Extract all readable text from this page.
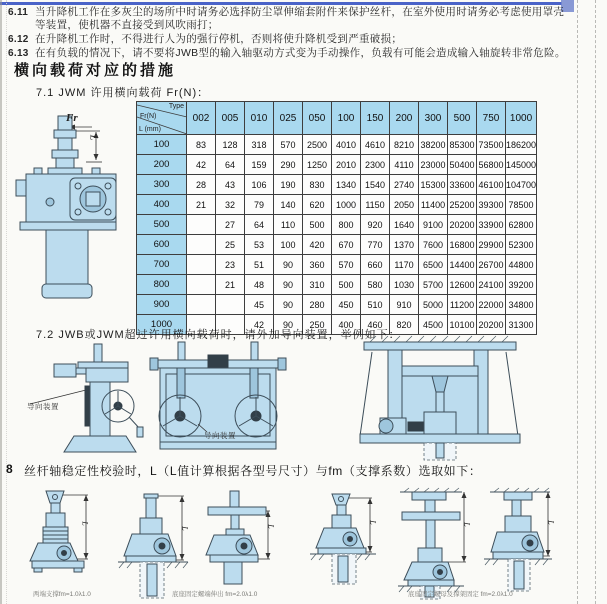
6.11 当升降机工作在多灰尘的场所中时请务必选择防尘罩伸缩套附件来保护丝杆，在室外使用时请务必考虑使用罩壳等装置，使机器不直接受到风吹雨打；
6.12 在升降机工作时，不得进行人为的强行停机，否则将使升降机受到严重破损；
6.13 在有负载的情况下，请不要将JWB型的输入轴驱动方式变为手动操作，负载有可能会造成输入轴旋转非常危险。
横向载荷对应的措施
7.1 JWM 许用横向载荷 Fr(N)：
Fr
L
Type
Fr(N)
L (mm)	002	005	010	025	050	100	150	200	300	500	750	1000
100	83	128	318	570	2500	4010	4610	8210	38200	85300	73500	186200
200	42	64	159	290	1250	2010	2300	4110	23000	50400	56800	145000
300	28	43	106	190	830	1340	1540	2740	15300	33600	46100	104700
400	21	32	79	140	620	1000	1150	2050	11400	25200	39300	78500
500		27	64	110	500	800	920	1640	9100	20200	33900	62800
600		25	53	100	420	670	770	1370	7600	16800	29900	52300
700		23	51	90	360	570	660	1170	6500	14400	26700	44800
800		21	48	90	310	500	580	1030	5700	12600	24100	39200
900			45	90	280	450	510	910	5000	11200	22000	34800
1000			42	90	250	400	460	820	4500	10100	20200	31300
7.2 JWB或JWM超过许用横向载荷时，请外加导向装置，举例如下：
导向装置
导向装置
8 丝杆轴稳定性校验时，L（L值计算根据各型号尺寸）与fm（支撑系数）选取如下：
L
L	L
L	L	L
两端支撑fm=1.0λ1.0	底座固定螺端伸出 fm=2.0λ1.0	底座固定螺母及撑架固定 fm=2.0λ1.0
